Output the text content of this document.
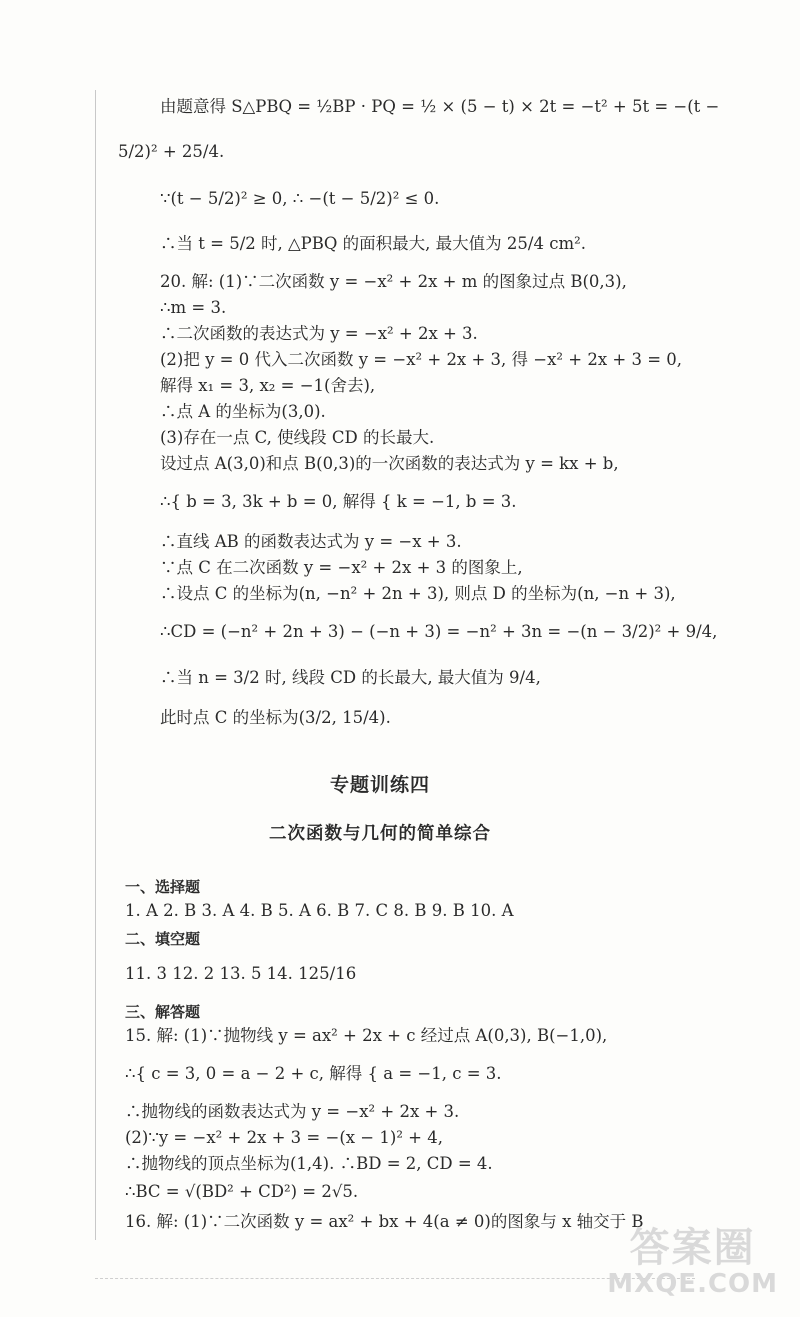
由题意得 S△PBQ = ½BP · PQ = ½ × (5 − t) × 2t = −t² + 5t = −(t −
5/2)² + 25/4.
∵(t − 5/2)² ≥ 0, ∴ −(t − 5/2)² ≤ 0.
∴当 t = 5/2 时, △PBQ 的面积最大, 最大值为 25/4 cm².
20. 解: (1)∵二次函数 y = −x² + 2x + m 的图象过点 B(0,3),
∴m = 3.
∴二次函数的表达式为 y = −x² + 2x + 3.
(2)把 y = 0 代入二次函数 y = −x² + 2x + 3, 得 −x² + 2x + 3 = 0,
解得 x₁ = 3, x₂ = −1(舍去),
∴点 A 的坐标为(3,0).
(3)存在一点 C, 使线段 CD 的长最大.
设过点 A(3,0)和点 B(0,3)的一次函数的表达式为 y = kx + b,
∴{ b = 3, 3k + b = 0, 解得 { k = −1, b = 3.
∴直线 AB 的函数表达式为 y = −x + 3.
∵点 C 在二次函数 y = −x² + 2x + 3 的图象上,
∴设点 C 的坐标为(n, −n² + 2n + 3), 则点 D 的坐标为(n, −n + 3),
∴CD = (−n² + 2n + 3) − (−n + 3) = −n² + 3n = −(n − 3/2)² + 9/4,
∴当 n = 3/2 时, 线段 CD 的长最大, 最大值为 9/4,
此时点 C 的坐标为(3/2, 15/4).
专题训练四
二次函数与几何的简单综合
一、选择题
1. A 2. B 3. A 4. B 5. A 6. B 7. C 8. B 9. B 10. A
二、填空题
11. 3 12. 2 13. 5 14. 125/16
三、解答题
15. 解: (1)∵抛物线 y = ax² + 2x + c 经过点 A(0,3), B(−1,0),
∴{ c = 3, 0 = a − 2 + c, 解得 { a = −1, c = 3.
∴抛物线的函数表达式为 y = −x² + 2x + 3.
(2)∵y = −x² + 2x + 3 = −(x − 1)² + 4,
∴抛物线的顶点坐标为(1,4). ∴BD = 2, CD = 4.
∴BC = √(BD² + CD²) = 2√5.
16. 解: (1)∵二次函数 y = ax² + bx + 4(a ≠ 0)的图象与 x 轴交于 B
答案圈
MXQE.COM
